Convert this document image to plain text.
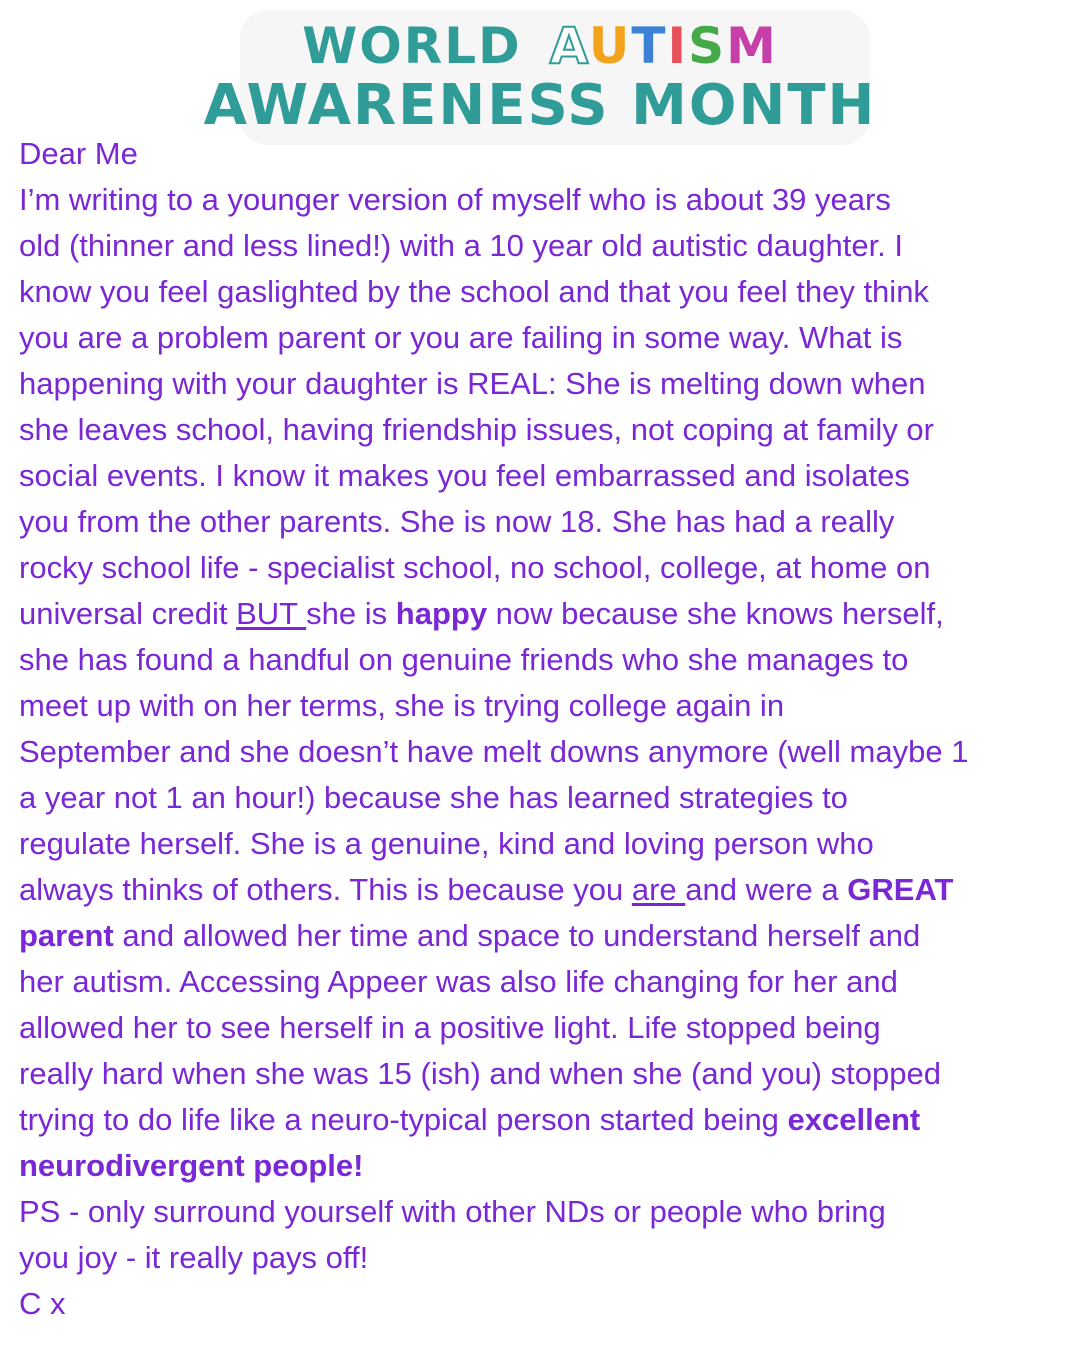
WORLD AUTISM
AWARENESS MONTH
Dear Me
I’m writing to a younger version of myself who is about 39 years
old (thinner and less lined!) with a 10 year old autistic daughter. I
know you feel gaslighted by the school and that you feel they think
you are a problem parent or you are failing in some way. What is
happening with your daughter is REAL: She is melting down when
she leaves school, having friendship issues, not coping at family or
social events. I know it makes you feel embarrassed and isolates
you from the other parents. She is now 18. She has had a really
rocky school life - specialist school, no school, college, at home on
universal credit BUT she is happy now because she knows herself,
she has found a handful on genuine friends who she manages to
meet up with on her terms, she is trying college again in
September and she doesn’t have melt downs anymore (well maybe 1
a year not 1 an hour!) because she has learned strategies to
regulate herself. She is a genuine, kind and loving person who
always thinks of others. This is because you are and were a GREAT
parent and allowed her time and space to understand herself and
her autism. Accessing Appeer was also life changing for her and
allowed her to see herself in a positive light. Life stopped being
really hard when she was 15 (ish) and when she (and you) stopped
trying to do life like a neuro-typical person started being excellent
neurodivergent people!
PS - only surround yourself with other NDs or people who bring
you joy - it really pays off!
C x
